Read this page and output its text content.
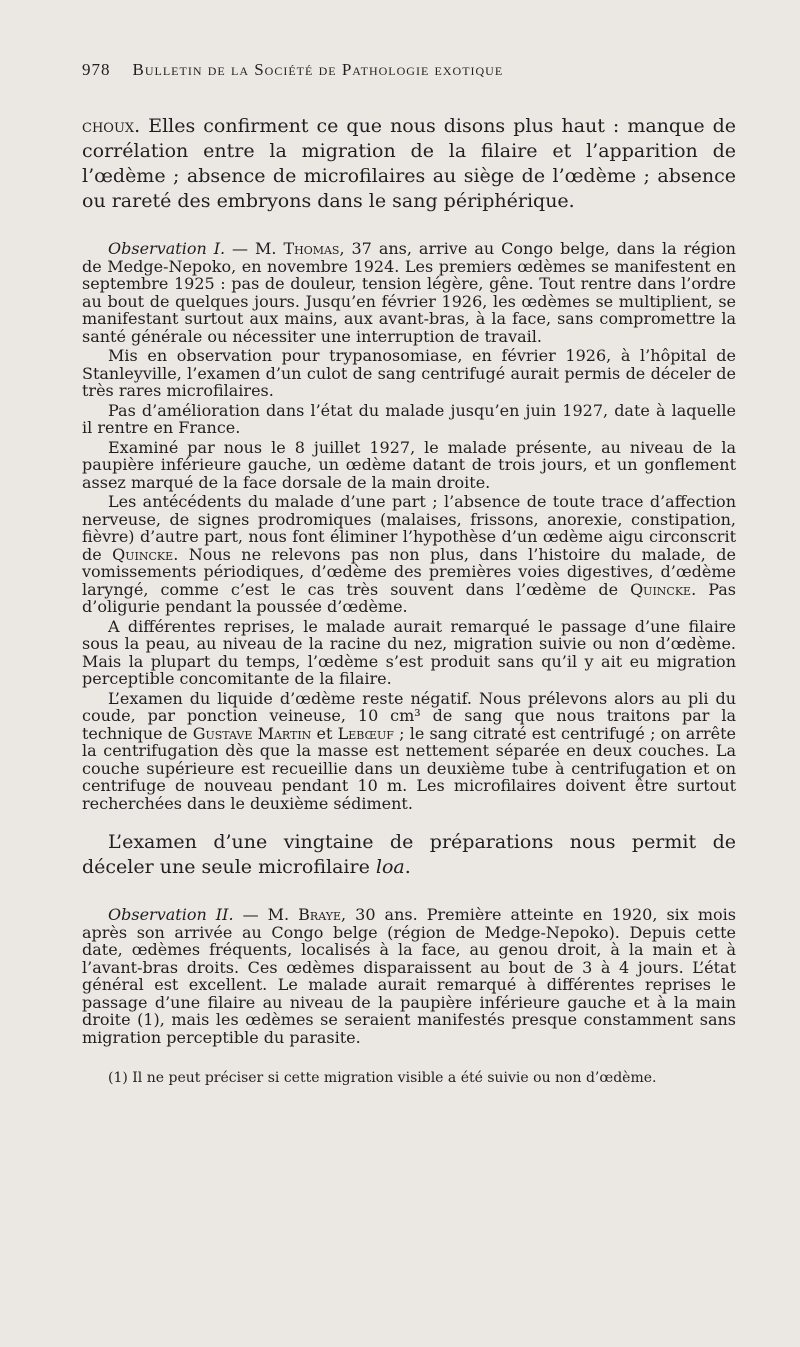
978 Bulletin de la Société de Pathologie exotique

choux. Elles confirment ce que nous disons plus haut : manque de corrélation entre la migration de la filaire et l’apparition de l’œdème ; absence de microfilaires au siège de l’œdème ; absence ou rareté des embryons dans le sang périphérique.

Observation I. — M. Thomas, 37 ans, arrive au Congo belge, dans la région de Medge-Nepoko, en novembre 1924. Les premiers œdèmes se manifestent en septembre 1925 : pas de douleur, tension légère, gêne. Tout rentre dans l’ordre au bout de quelques jours. Jusqu’en février 1926, les œdèmes se multiplient, se manifestant surtout aux mains, aux avant-bras, à la face, sans compromettre la santé générale ou nécessiter une interruption de travail.

Mis en observation pour trypanosomiase, en février 1926, à l’hôpital de Stanleyville, l’examen d’un culot de sang centrifugé aurait permis de déceler de très rares microfilaires.

Pas d’amélioration dans l’état du malade jusqu’en juin 1927, date à laquelle il rentre en France.

Examiné par nous le 8 juillet 1927, le malade présente, au niveau de la paupière inférieure gauche, un œdème datant de trois jours, et un gonflement assez marqué de la face dorsale de la main droite.

Les antécédents du malade d’une part ; l’absence de toute trace d’affection nerveuse, de signes prodromiques (malaises, frissons, anorexie, constipation, fièvre) d’autre part, nous font éliminer l’hypothèse d’un œdème aigu circonscrit de Quincke. Nous ne relevons pas non plus, dans l’histoire du malade, de vomissements périodiques, d’œdème des premières voies digestives, d’œdème laryngé, comme c’est le cas très souvent dans l’œdème de Quincke. Pas d’oligurie pendant la poussée d’œdème.

A différentes reprises, le malade aurait remarqué le passage d’une filaire sous la peau, au niveau de la racine du nez, migration suivie ou non d’œdème. Mais la plupart du temps, l’œdème s’est produit sans qu’il y ait eu migration perceptible concomitante de la filaire.

L’examen du liquide d’œdème reste négatif. Nous prélevons alors au pli du coude, par ponction veineuse, 10 cm³ de sang que nous traitons par la technique de Gustave Martin et Lebœuf ; le sang citraté est centrifugé ; on arrête la centrifugation dès que la masse est nettement séparée en deux couches. La couche supérieure est recueillie dans un deuxième tube à centrifugation et on centrifuge de nouveau pendant 10 m. Les microfilaires doivent être surtout recherchées dans le deuxième sédiment.

L’examen d’une vingtaine de préparations nous permit de déceler une seule microfilaire loa.

Observation II. — M. Braye, 30 ans. Première atteinte en 1920, six mois après son arrivée au Congo belge (région de Medge-Nepoko). Depuis cette date, œdèmes fréquents, localisés à la face, au genou droit, à la main et à l’avant-bras droits. Ces œdèmes disparaissent au bout de 3 à 4 jours. L’état général est excellent. Le malade aurait remarqué à différentes reprises le passage d’une filaire au niveau de la paupière inférieure gauche et à la main droite (1), mais les œdèmes se seraient manifestés presque constamment sans migration perceptible du parasite.

(1) Il ne peut préciser si cette migration visible a été suivie ou non d’œdème.
